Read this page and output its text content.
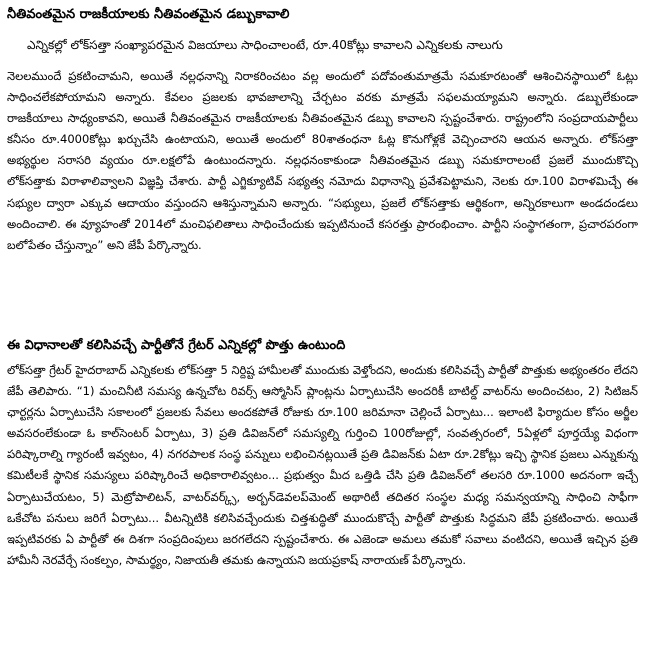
నీతివంతమైన రాజకీయాలకు నీతివంతమైన డబ్బుకావాలి
ఎన్నికల్లో లోక్‌సత్తా సంఖ్యాపరమైన విజయాలు సాధించాలంటే, రూ.40కోట్లు కావాలని ఎన్నికలకు నాలుగు
నెలలముందే ప్రకటించామని, అయితే నల్లధనాన్ని నిరాకరించటం వల్ల అందులో పదోవంతుమాత్రమే సమకూరటంతో ఆశించినస్థాయిలో ఓట్లు సాధించలేకపోయామని అన్నారు. కేవలం ప్రజలకు భావజాలాన్ని చేర్చటం వరకు మాత్రమే సఫలమయ్యామని అన్నారు. డబ్బులేకుండా రాజకీయాలు సాధ్యంకావని, అయితే నీతివంతమైన రాజకీయాలకు నీతివంతమైన డబ్బు కావాలని స్పష్టంచేశారు. రాష్ట్రంలోని సంప్రదాయపార్టీలు కనీసం రూ.4000కోట్లు ఖర్చుచేసి ఉంటాయని, అయితే అందులో 80శాతంధనా ఓట్ల కొనుగోళ్లకే వెచ్చించారని ఆయన అన్నారు. లోక్‌సత్తా అభ్యర్థుల సరాసరి వ్యయం రూ.లక్షలోపే ఉంటుందన్నారు. నల్లధనంకాకుండా నీతివంతమైన డబ్బు సమకూరాలంటే ప్రజలే ముందుకొచ్చి లోక్‌సత్తాకు విరాళాలివ్వాలని విజ్ఞప్తి చేశారు. పార్టీ ఎగ్జిక్యూటివ్ సభ్యత్వ నమోదు విధానాన్ని ప్రవేశపెట్టామని, నెలకు రూ.100 విరాళమిచ్చే ఈ సభ్యుల ద్వారా ఎక్కువ ఆదాయం వస్తుందని ఆశిస్తున్నామని అన్నారు. “సభ్యులు, ప్రజలే లోక్‌సత్తాకు ఆర్థికంగా, అన్నిరకాలుగా అండదండలు అందించాలి. ఈ వ్యూహంతో 2014లో మంచిఫలితాలు సాధించేందుకు ఇప్పటినుంచే కసరత్తు ప్రారంభించాం. పార్టీని సంస్థాగతంగా, ప్రచారపరంగా బలోపేతం చేస్తున్నాం” అని జేపీ పేర్కొన్నారు.
ఈ విధానాలతో కలిసివచ్చే పార్టీతోనే గ్రేటర్ ఎన్నికల్లో పొత్తు ఉంటుంది
లోక్‌సత్తా గ్రేటర్ హైదరాబాద్ ఎన్నికలకు లోక్‌సత్తా 5 నిర్దిష్ట హామీలతో ముందుకు వెళ్తోందని, అందుకు కలిసివచ్చే పార్టీతో పొత్తుకు అభ్యంతరం లేదని జేపీ తెలిపారు. “1) మంచినీటి సమస్య ఉన్నచోట రివర్స్ ఆస్మోసిస్ ప్లాంట్లను ఏర్పాటుచేసి అందరికీ బాటిల్డ్ వాటర్‌ను అందించటం, 2) సిటిజన్ ఛార్టర్లను ఏర్పాటుచేసి సకాలంలో ప్రజలకు సేవలు అందకపోతే రోజుకు రూ.100 జరిమానా చెల్లించే ఏర్పాటు... ఇలాంటి ఫిర్యాదుల కోసం అర్జీల అవసరంలేకుండా ఓ కాల్‌సెంటర్ ఏర్పాటు, 3) ప్రతి డివిజన్‌లో సమస్యల్ని గుర్తించి 100రోజుల్లో, సంవత్సరంలో, 5ఏళ్లలో పూర్తయ్యే విధంగా పరిష్కారాల్ని గ్యారంటీ ఇవ్వటం, 4) నగరపాలక సంస్థ పన్నులు లభించినట్లయితే ప్రతి డివిజన్‌కు ఏటా రూ.2కోట్లు ఇచ్చి స్థానిక ప్రజలు ఎన్నుకున్న కమిటీలకే స్థానిక సమస్యలు పరిష్కారించే అధికారాలివ్వటం... ప్రభుత్వం మీద ఒత్తిడి చేసి ప్రతి డివిజన్‌లో తలసరి రూ.1000 అదనంగా ఇచ్చే ఏర్పాటుచేయటం, 5) మెట్రోపాలిటన్, వాటర్‌వర్క్స్, అర్బన్‌డెవలప్‌మెంట్ అథారిటీ తదితర సంస్థల మధ్య సమన్వయాన్ని సాధించి సాఫీగా ఒకేచోట పనులు జరిగే ఏర్పాటు... వీటన్నిటికి కలిసివచ్చేందుకు చిత్తశుద్ధితో ముందుకొచ్చే పార్టీతో పొత్తుకు సిద్ధమని జేపీ ప్రకటించారు. అయితే ఇప్పటివరకు ఏ పార్టీతో ఈ దిశగా సంప్రదింపులు జరగలేదని స్పష్టంచేశారు. ఈ ఎజెండా అమలు తమకో సవాలు వంటిదని, అయితే ఇచ్చిన ప్రతి హామీనీ నెరవేర్చే సంకల్పం, సామర్థ్యం, నిజాయతీ తమకు ఉన్నాయని జయప్రకాష్ నారాయణ్ పేర్కొన్నారు.
